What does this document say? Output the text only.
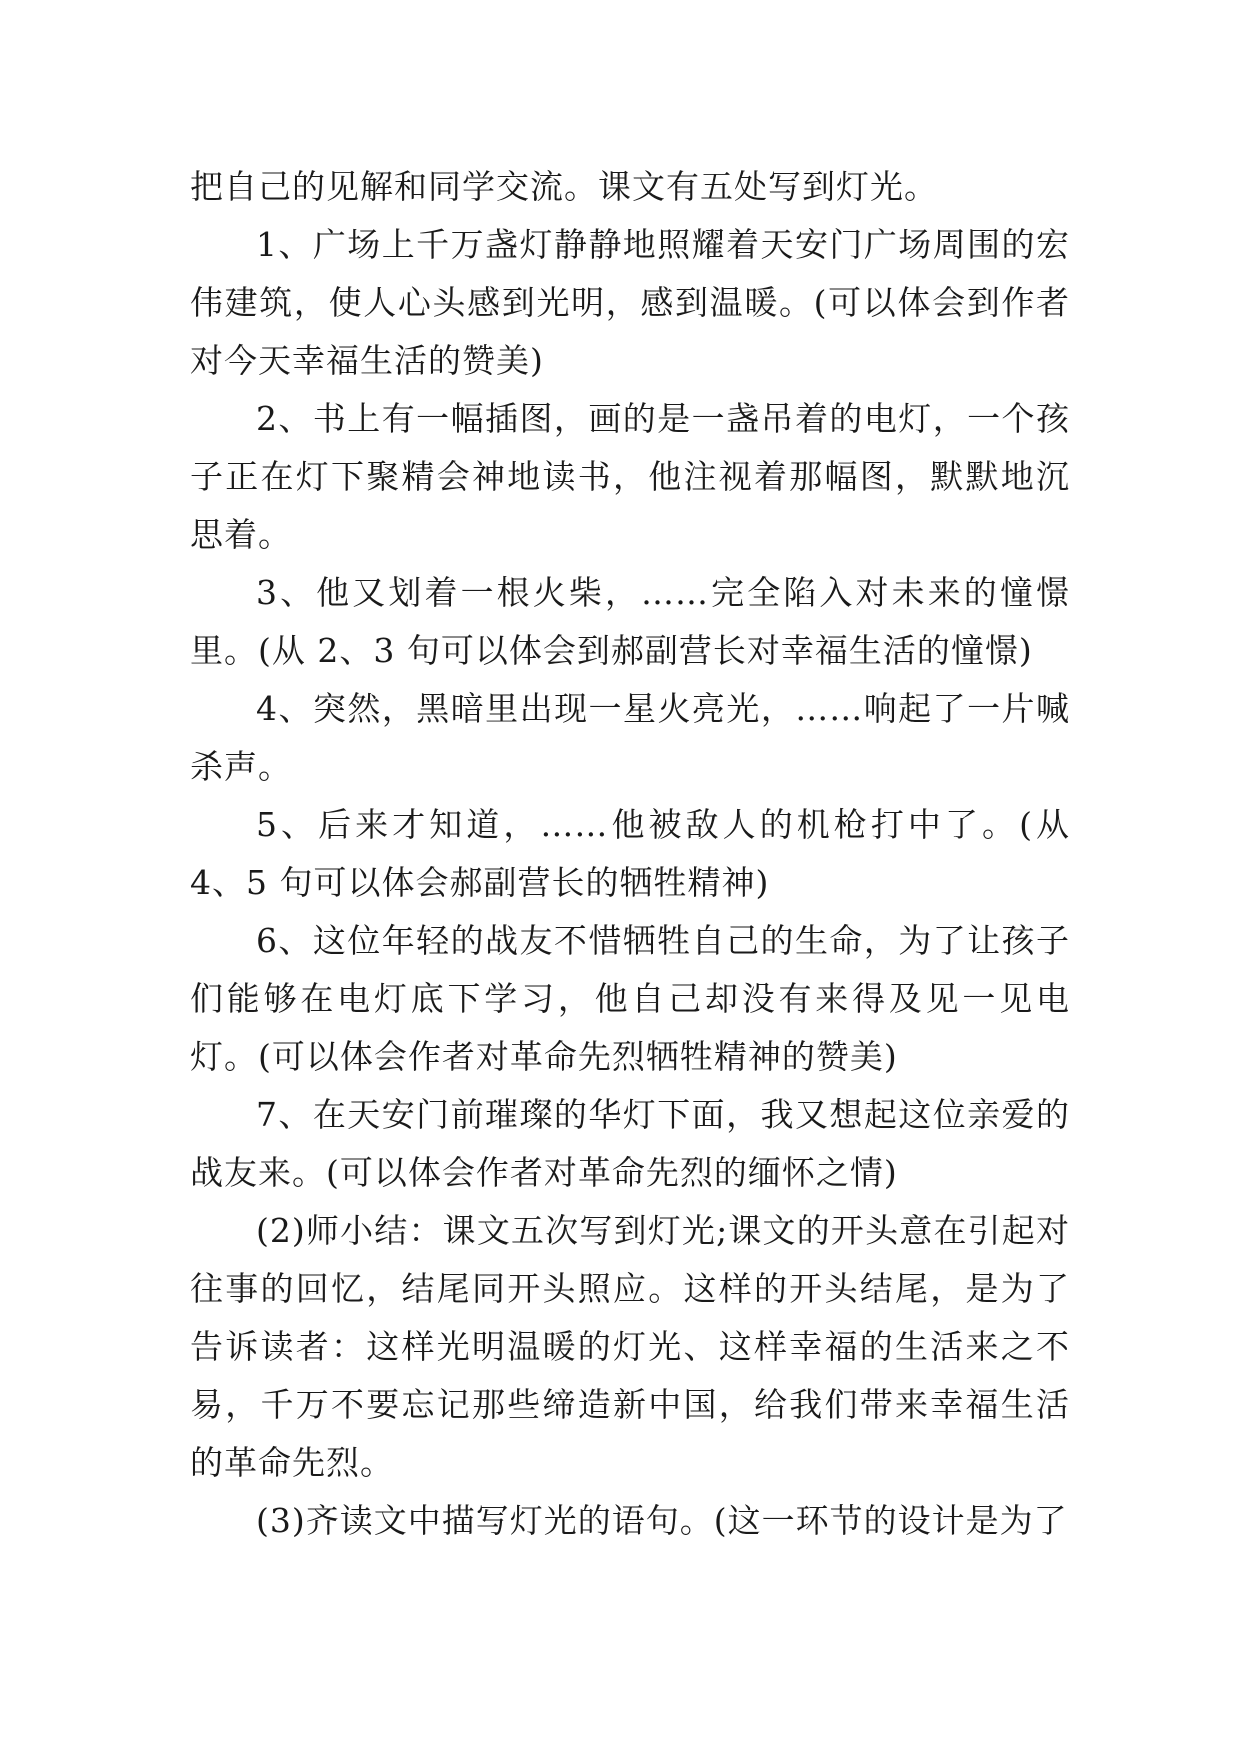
把自己的见解和同学交流。课文有五处写到灯光。

1、广场上千万盏灯静静地照耀着天安门广场周围的宏伟建筑，使人心头感到光明，感到温暖。(可以体会到作者对今天幸福生活的赞美)

2、书上有一幅插图，画的是一盏吊着的电灯，一个孩子正在灯下聚精会神地读书，他注视着那幅图，默默地沉思着。

3、他又划着一根火柴，……完全陷入对未来的憧憬里。(从 2、3 句可以体会到郝副营长对幸福生活的憧憬)

4、突然，黑暗里出现一星火亮光，……响起了一片喊杀声。

5、后来才知道，……他被敌人的机枪打中了。(从 4、5 句可以体会郝副营长的牺牲精神)

6、这位年轻的战友不惜牺牲自己的生命，为了让孩子们能够在电灯底下学习，他自己却没有来得及见一见电灯。(可以体会作者对革命先烈牺牲精神的赞美)

7、在天安门前璀璨的华灯下面，我又想起这位亲爱的战友来。(可以体会作者对革命先烈的缅怀之情)

(2)师小结：课文五次写到灯光;课文的开头意在引起对往事的回忆，结尾同开头照应。这样的开头结尾，是为了告诉读者：这样光明温暖的灯光、这样幸福的生活来之不易，千万不要忘记那些缔造新中国，给我们带来幸福生活的革命先烈。

(3)齐读文中描写灯光的语句。(这一环节的设计是为了
